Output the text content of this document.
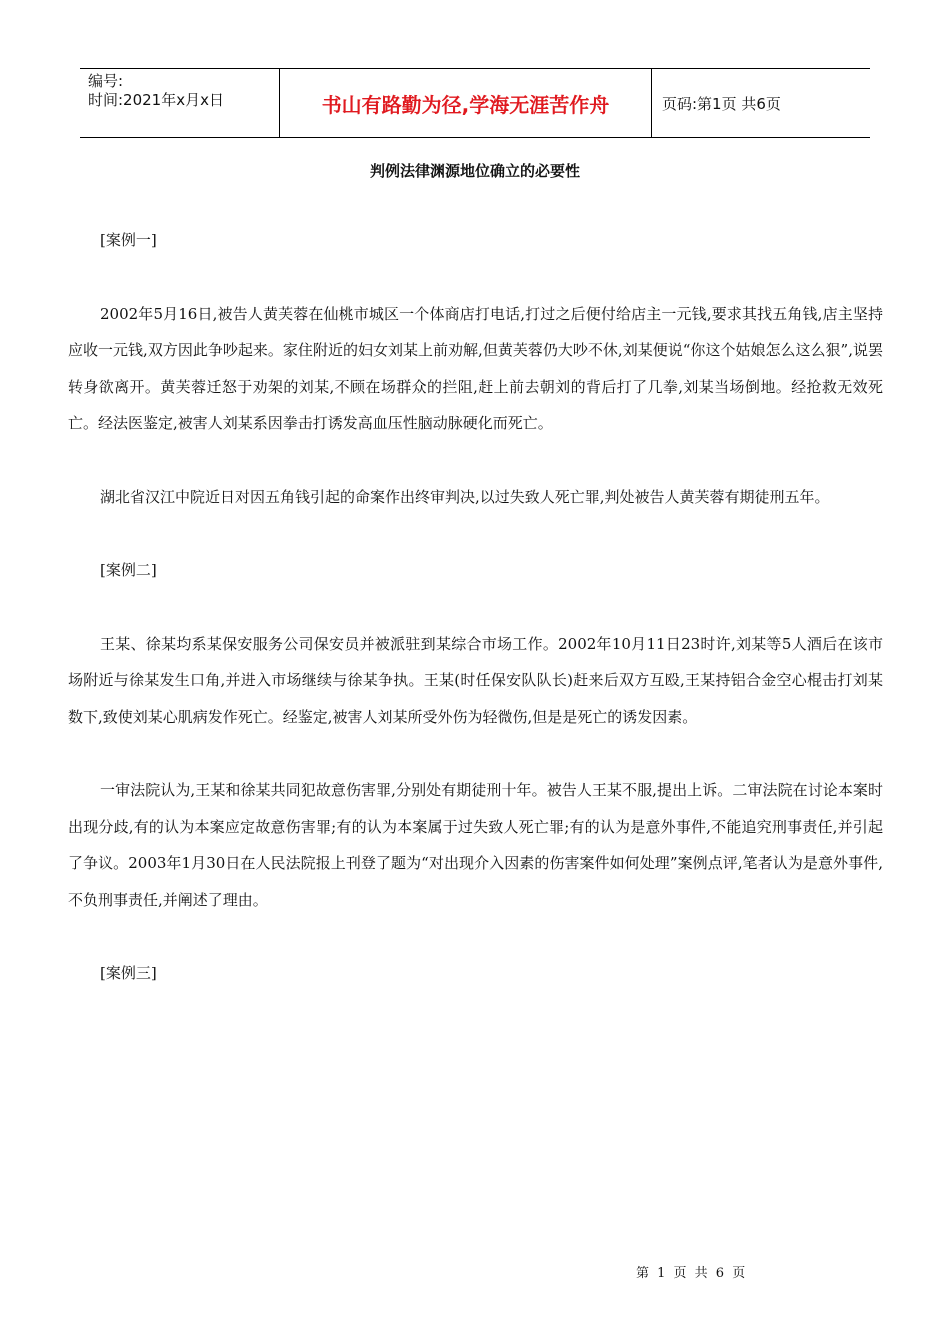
编号:
时间:2021年x月x日	书山有路勤为径,学海无涯苦作舟	页码:第1页 共6页
判例法律渊源地位确立的必要性

[案例一]

2002年5月16日,被告人黄芙蓉在仙桃市城区一个体商店打电话,打过之后便付给店主一元钱,要求其找五角钱,店主坚持应收一元钱,双方因此争吵起来。家住附近的妇女刘某上前劝解,但黄芙蓉仍大吵不休,刘某便说“你这个姑娘怎么这么狠”,说罢转身欲离开。黄芙蓉迁怒于劝架的刘某,不顾在场群众的拦阻,赶上前去朝刘的背后打了几拳,刘某当场倒地。经抢救无效死亡。经法医鉴定,被害人刘某系因拳击打诱发高血压性脑动脉硬化而死亡。

湖北省汉江中院近日对因五角钱引起的命案作出终审判决,以过失致人死亡罪,判处被告人黄芙蓉有期徒刑五年。

[案例二]

王某、徐某均系某保安服务公司保安员并被派驻到某综合市场工作。2002年10月11日23时许,刘某等5人酒后在该市场附近与徐某发生口角,并进入市场继续与徐某争执。王某(时任保安队队长)赶来后双方互殴,王某持铝合金空心棍击打刘某数下,致使刘某心肌病发作死亡。经鉴定,被害人刘某所受外伤为轻微伤,但是是死亡的诱发因素。

一审法院认为,王某和徐某共同犯故意伤害罪,分别处有期徒刑十年。被告人王某不服,提出上诉。二审法院在讨论本案时出现分歧,有的认为本案应定故意伤害罪;有的认为本案属于过失致人死亡罪;有的认为是意外事件,不能追究刑事责任,并引起了争议。2003年1月30日在人民法院报上刊登了题为“对出现介入因素的伤害案件如何处理”案例点评,笔者认为是意外事件,不负刑事责任,并阐述了理由。

[案例三]

第 1 页 共 6 页
